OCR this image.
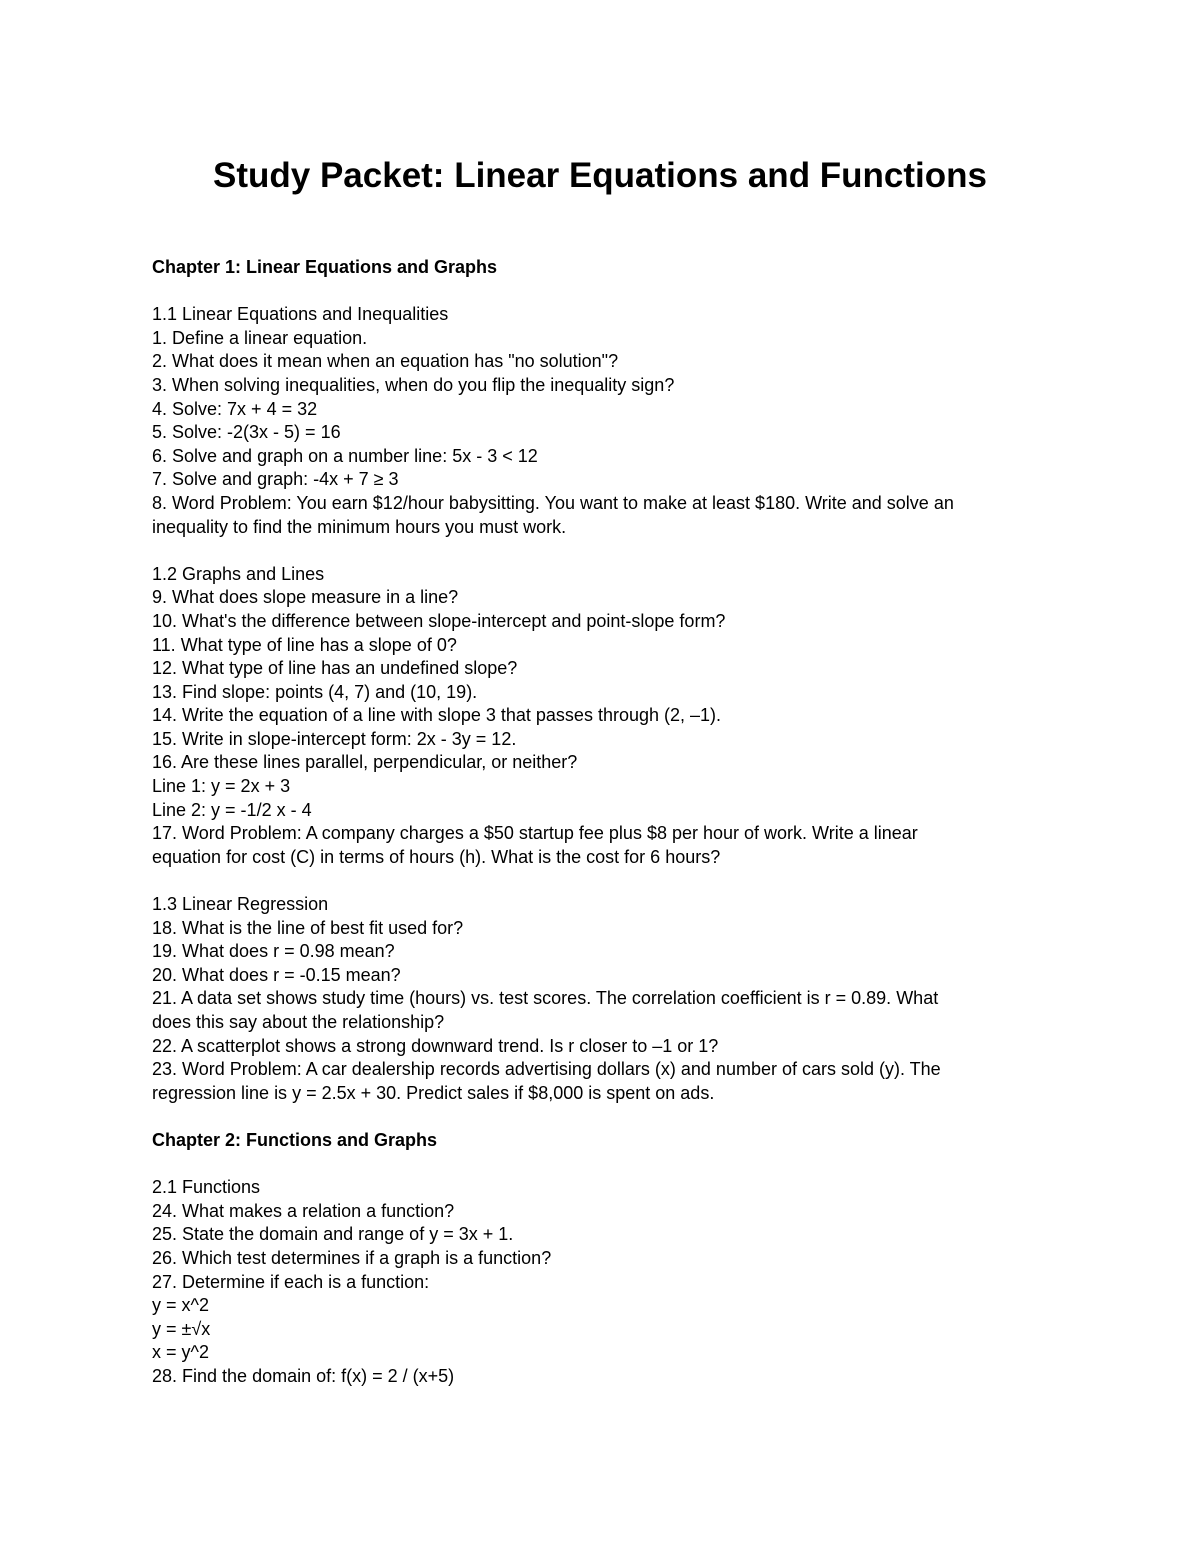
Study Packet: Linear Equations and Functions

Chapter 1: Linear Equations and Graphs

1.1 Linear Equations and Inequalities

1. Define a linear equation.

2. What does it mean when an equation has "no solution"?

3. When solving inequalities, when do you flip the inequality sign?

4. Solve: 7x + 4 = 32

5. Solve: -2(3x - 5) = 16

6. Solve and graph on a number line: 5x - 3 < 12

7. Solve and graph: -4x + 7 ≥ 3

8. Word Problem: You earn $12/hour babysitting. You want to make at least $180. Write and solve an

inequality to find the minimum hours you must work.

1.2 Graphs and Lines

9. What does slope measure in a line?

10. What's the difference between slope-intercept and point-slope form?

11. What type of line has a slope of 0?

12. What type of line has an undefined slope?

13. Find slope: points (4, 7) and (10, 19).

14. Write the equation of a line with slope 3 that passes through (2, –1).

15. Write in slope-intercept form: 2x - 3y = 12.

16. Are these lines parallel, perpendicular, or neither?

Line 1: y = 2x + 3

Line 2: y = -1/2 x - 4

17. Word Problem: A company charges a $50 startup fee plus $8 per hour of work. Write a linear

equation for cost (C) in terms of hours (h). What is the cost for 6 hours?

1.3 Linear Regression

18. What is the line of best fit used for?

19. What does r = 0.98 mean?

20. What does r = -0.15 mean?

21. A data set shows study time (hours) vs. test scores. The correlation coefficient is r = 0.89. What

does this say about the relationship?

22. A scatterplot shows a strong downward trend. Is r closer to –1 or 1?

23. Word Problem: A car dealership records advertising dollars (x) and number of cars sold (y). The

regression line is y = 2.5x + 30. Predict sales if $8,000 is spent on ads.

Chapter 2: Functions and Graphs

2.1 Functions

24. What makes a relation a function?

25. State the domain and range of y = 3x + 1.

26. Which test determines if a graph is a function?

27. Determine if each is a function:

y = x^2

y = ±√x

x = y^2

28. Find the domain of: f(x) = 2 / (x+5)
